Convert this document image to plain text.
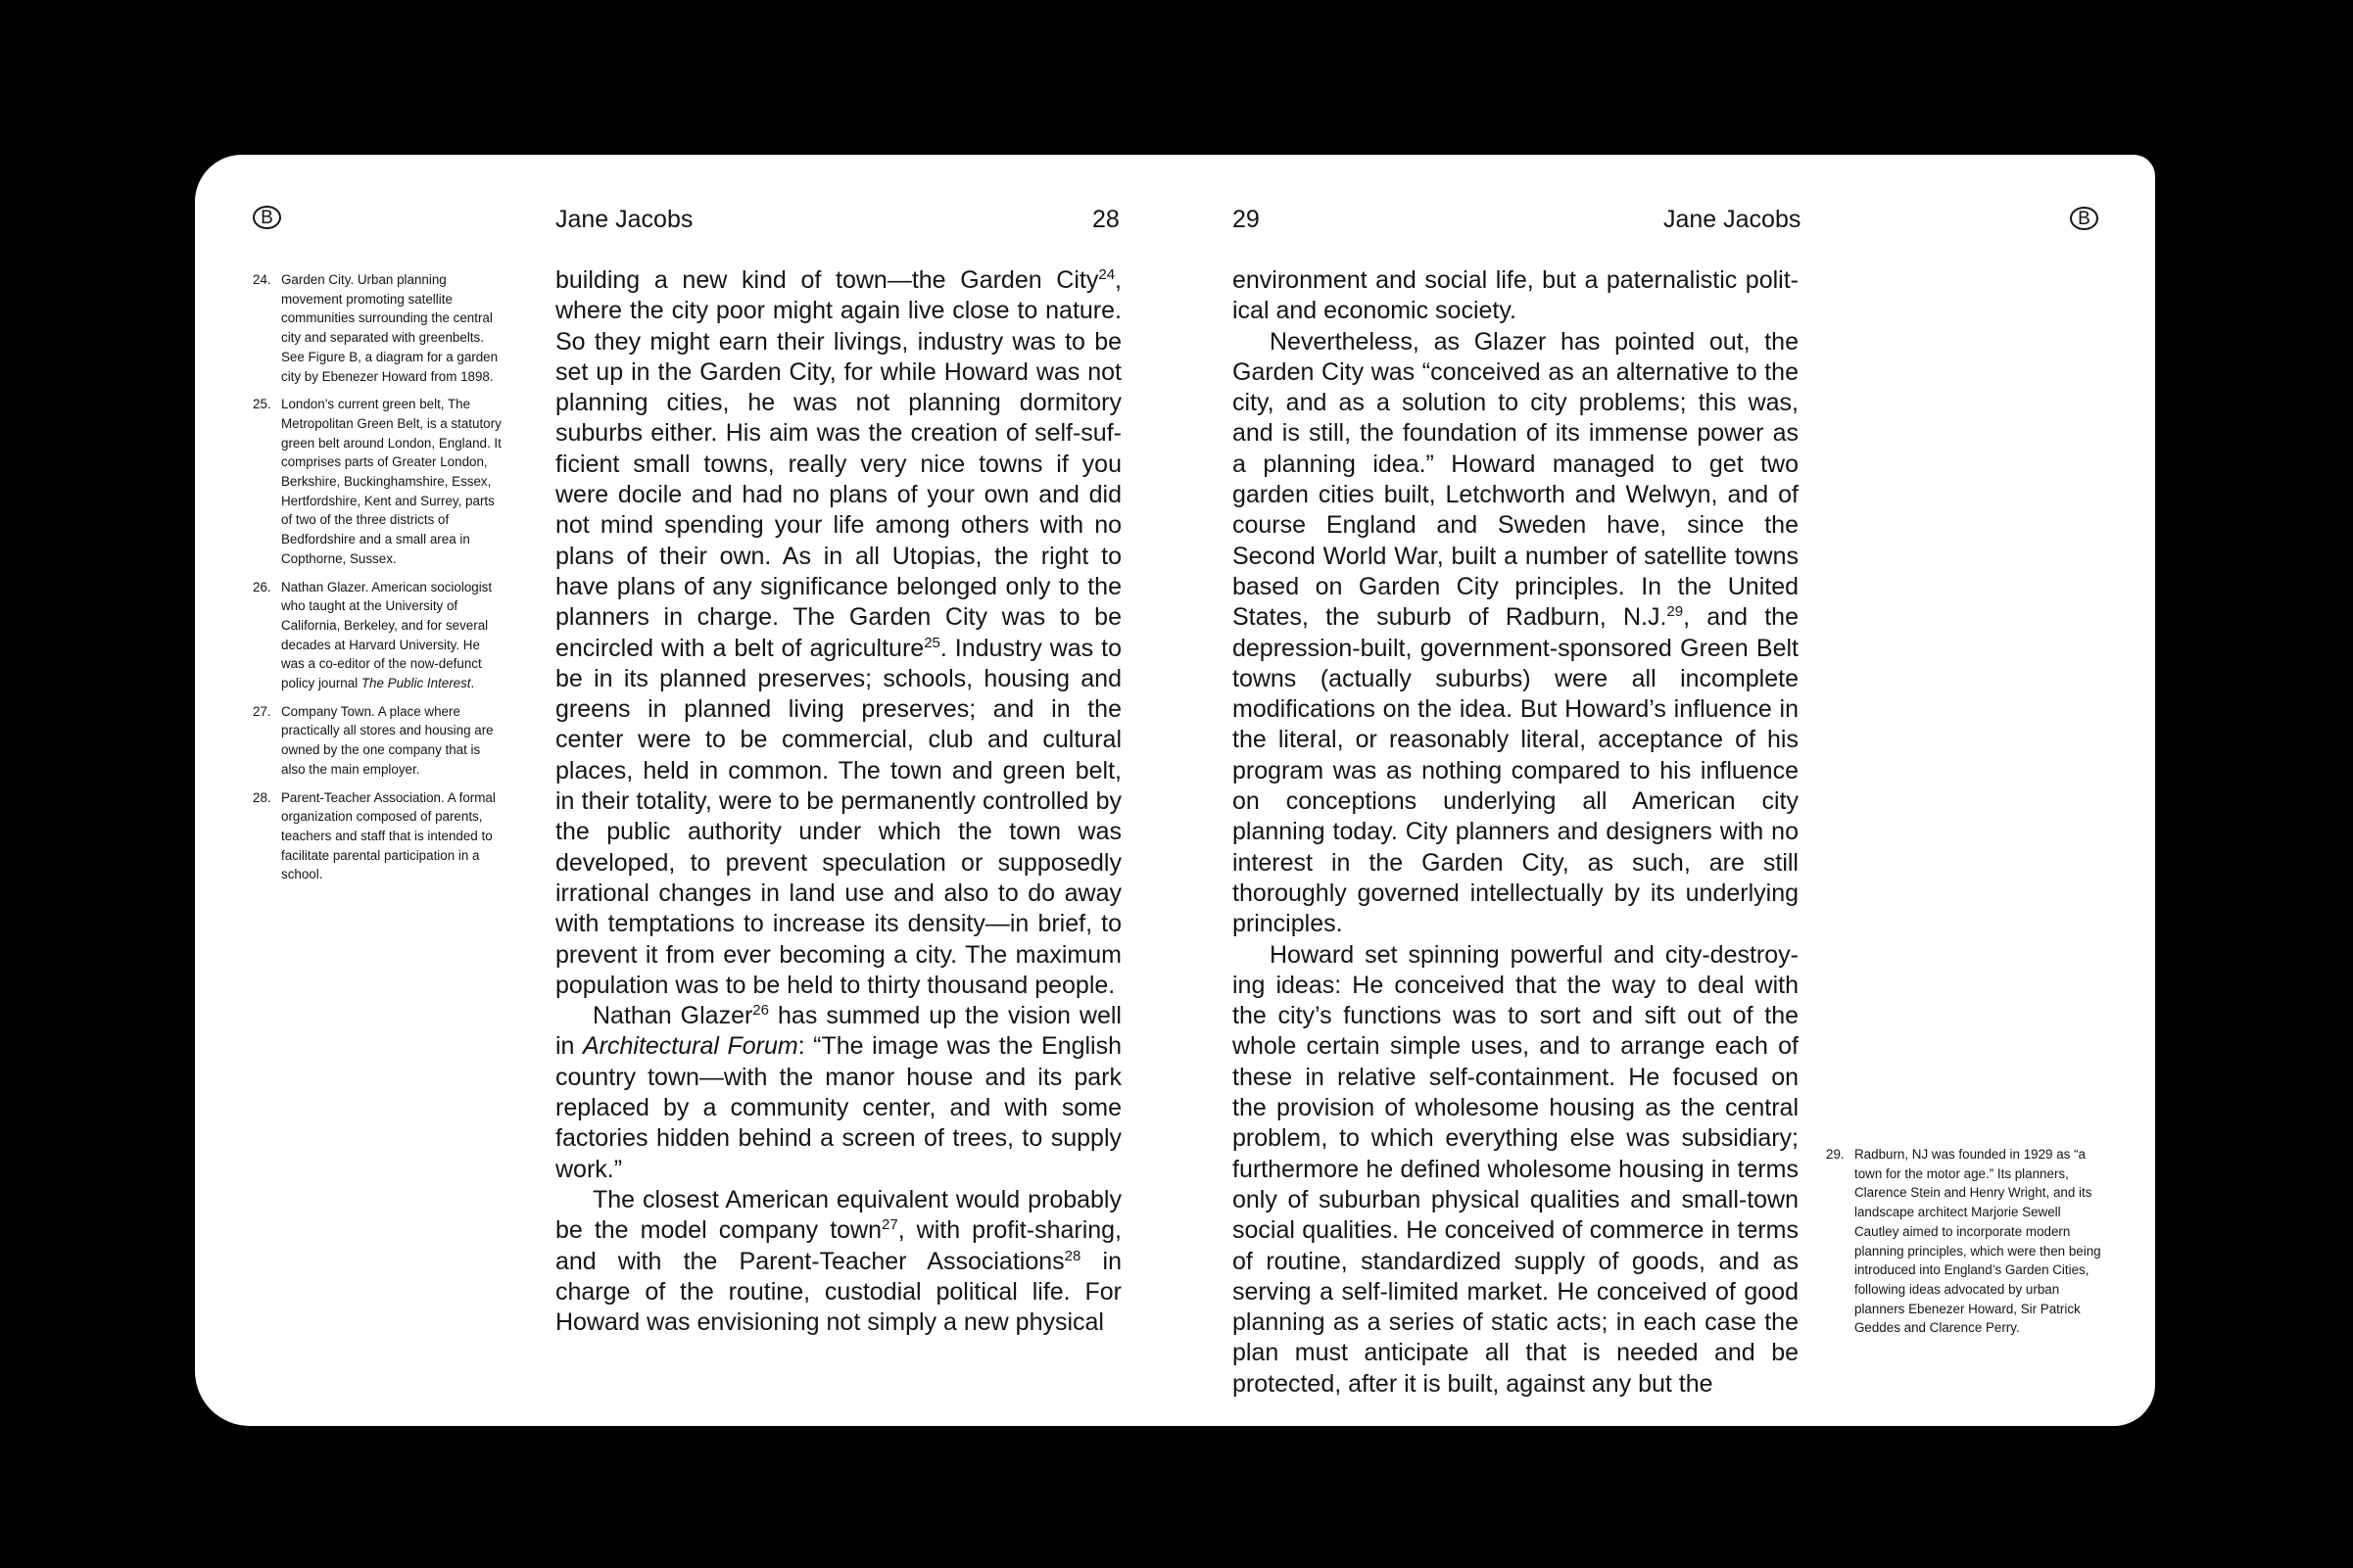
B	Jane Jacobs	28
24. Garden City. Urban planning movement promoting satellite communities surrounding the central city and separated with greenbelts. See Figure B, a diagram for a garden city by Ebenezer Howard from 1898.
25. London’s current green belt, The Metropolitan Green Belt, is a statutory green belt around London, England. It comprises parts of Greater London, Berkshire, Buckinghamshire, Essex, Hertfordshire, Kent and Surrey, parts of two of the three districts of Bedfordshire and a small area in Copthorne, Sussex.
26. Nathan Glazer. American sociologist who taught at the University of California, Berkeley, and for several decades at Harvard University. He was a co-editor of the now-defunct policy journal The Public Interest.
27. Company Town. A place where practically all stores and housing are owned by the one company that is also the main employer.
28. Parent-Teacher Association. A formal organization composed of parents, teachers and staff that is intended to facilitate parental participation in a school.

building a new kind of town—the Garden City$^{24}$, where the city poor might again live close to nature. So they might earn their livings, industry was to be set up in the Garden City, for while Howard was not planning cities, he was not planning dormitory suburbs either. His aim was the creation of self-sufficient small towns, really very nice towns if you were docile and had no plans of your own and did not mind spending your life among others with no plans of their own. As in all Utopias, the right to have plans of any significance belonged only to the planners in charge. The Garden City was to be encircled with a belt of agriculture$^{25}$. Industry was to be in its planned preserves; schools, housing and greens in planned living preserves; and in the center were to be commercial, club and cultural places, held in common. The town and green belt, in their totality, were to be permanently controlled by the public authority under which the town was developed, to prevent speculation or supposedly irrational changes in land use and also to do away with temptations to increase its density—in brief, to prevent it from ever becoming a city. The maximum population was to be held to thirty thousand people.

Nathan Glazer$^{26}$ has summed up the vision well in Architectural Forum: “The image was the English country town—with the manor house and its park replaced by a community center, and with some factories hidden behind a screen of trees, to supply work.”

The closest American equivalent would probably be the model company town$^{27}$, with profit-sharing, and with the Parent-Teacher Associations$^{28}$ in charge of the routine, custodial political life. For Howard was envisioning not simply a new physical

29	Jane Jacobs	B

environment and social life, but a paternalistic political and economic society.

Nevertheless, as Glazer has pointed out, the Garden City was “conceived as an alternative to the city, and as a solution to city problems; this was, and is still, the foundation of its immense power as a planning idea.” Howard managed to get two garden cities built, Letchworth and Welwyn, and of course England and Sweden have, since the Second World War, built a number of satellite towns based on Garden City principles. In the United States, the suburb of Radburn, N.J.$^{29}$, and the depression-built, government-sponsored Green Belt towns (actually suburbs) were all incomplete modifications on the idea. But Howard’s influence in the literal, or reasonably literal, acceptance of his program was as nothing compared to his influence on conceptions underlying all American city planning today. City planners and designers with no interest in the Garden City, as such, are still thoroughly governed intellectually by its underlying principles.

Howard set spinning powerful and city-destroying ideas: He conceived that the way to deal with the city’s functions was to sort and sift out of the whole certain simple uses, and to arrange each of these in relative self-containment. He focused on the provision of wholesome housing as the central problem, to which everything else was subsidiary; furthermore he defined wholesome housing in terms only of suburban physical qualities and small-town social qualities. He conceived of commerce in terms of routine, standardized supply of goods, and as serving a self-limited market. He conceived of good planning as a series of static acts; in each case the plan must anticipate all that is needed and be protected, after it is built, against any but the

29. Radburn, NJ was founded in 1929 as “a town for the motor age.” Its planners, Clarence Stein and Henry Wright, and its landscape architect Marjorie Sewell Cautley aimed to incorporate modern planning principles, which were then being introduced into England’s Garden Cities, following ideas advocated by urban planners Ebenezer Howard, Sir Patrick Geddes and Clarence Perry.
